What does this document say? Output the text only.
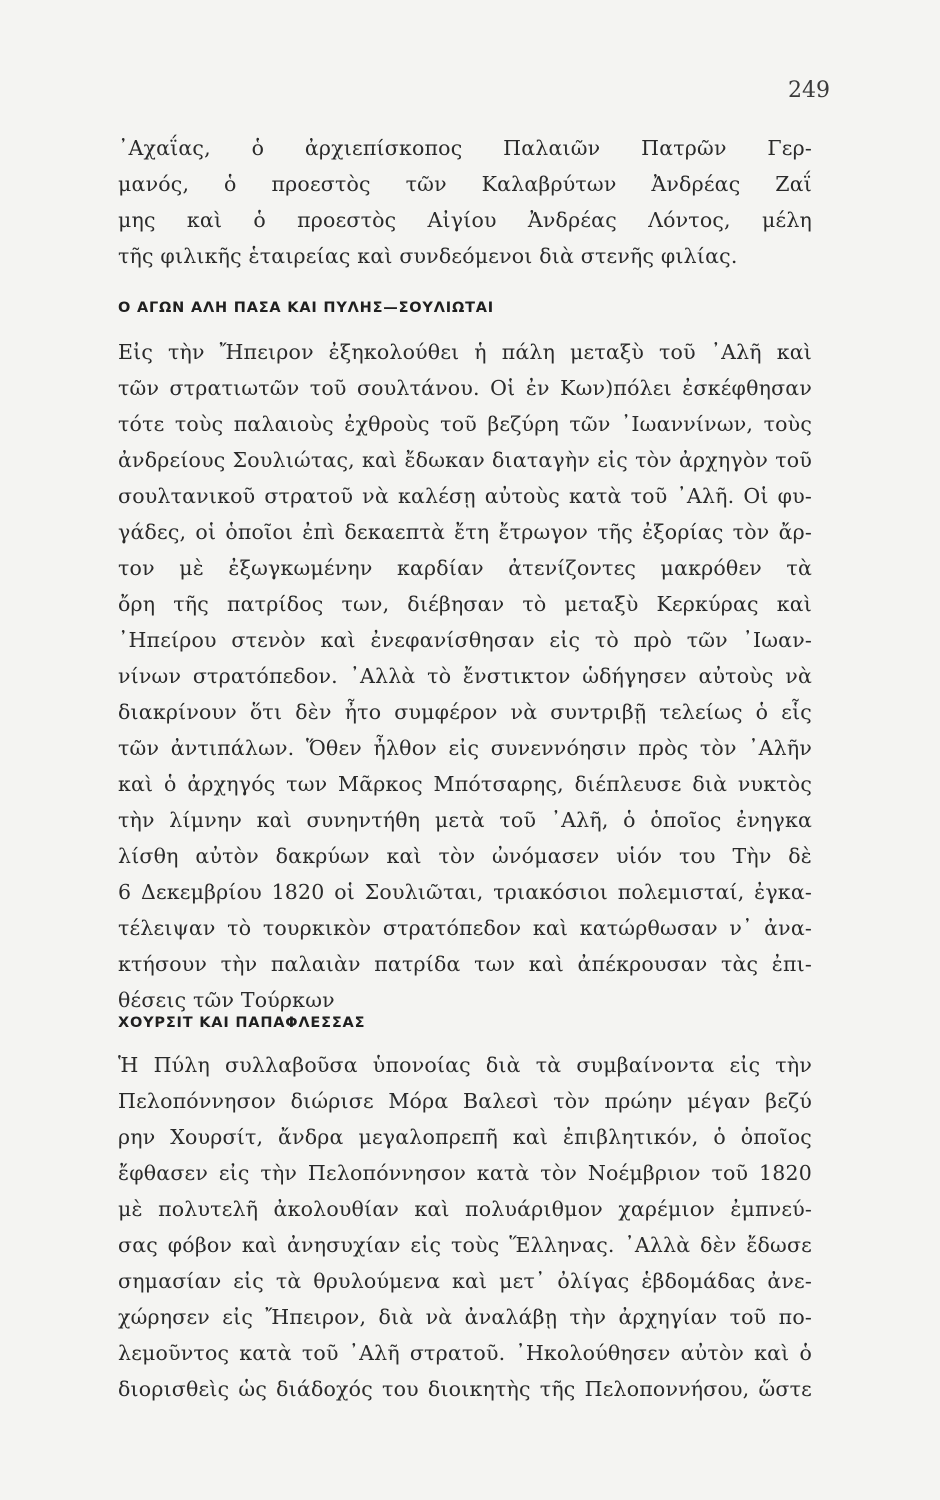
249
᾿Αχαΐας, ὁ ἀρχιεπίσκοπος Παλαιῶν Πατρῶν Γερ-
μανός, ὁ προεστὸς τῶν Καλαβρύτων Ἀνδρέας Ζαΐ
μης καὶ ὁ προεστὸς Αἰγίου Ἀνδρέας Λόντος, μέλη
τῆς φιλικῆς ἑταιρείας καὶ συνδεόμενοι διὰ στενῆς φιλίας.
Ο ΑΓΩΝ ΑΛΗ ΠΑΣΑ ΚΑΙ ΠΥΛΗΣ—ΣΟΥΛΙΩΤΑΙ
Εἰς τὴν Ἤπειρον ἐξηκολούθει ἡ πάλη μεταξὺ τοῦ ᾿Αλῆ καὶ
τῶν στρατιωτῶν τοῦ σουλτάνου. Οἱ ἐν Κων)πόλει ἐσκέφθησαν
τότε τοὺς παλαιοὺς ἐχθροὺς τοῦ βεζύρη τῶν ᾿Ιωαννίνων, τοὺς
ἀνδρείους Σουλιώτας, καὶ ἔδωκαν διαταγὴν εἰς τὸν ἀρχηγὸν τοῦ
σουλτανικοῦ στρατοῦ νὰ καλέσῃ αὐτοὺς κατὰ τοῦ ᾿Αλῆ. Οἱ φυ-
γάδες, οἱ ὁποῖοι ἐπὶ δεκαεπτὰ ἔτη ἔτρωγον τῆς ἐξορίας τὸν ἄρ-
τον μὲ ἐξωγκωμένην καρδίαν ἀτενίζοντες μακρόθεν τὰ
ὄρη τῆς πατρίδος των, διέβησαν τὸ μεταξὺ Κερκύρας καὶ
᾿Ηπείρου στενὸν καὶ ἐνεφανίσθησαν εἰς τὸ πρὸ τῶν ᾿Ιωαν-
νίνων στρατόπεδον. ᾿Αλλὰ τὸ ἔνστικτον ὡδήγησεν αὐτοὺς νὰ
διακρίνουν ὅτι δὲν ἦτο συμφέρον νὰ συντριβῇ τελείως ὁ εἷς
τῶν ἀντιπάλων. Ὅθεν ἦλθον εἰς συνεννόησιν πρὸς τὸν ᾿Αλῆν
καὶ ὁ ἀρχηγός των Μᾶρκος Μπότσαρης, διέπλευσε διὰ νυκτὸς
τὴν λίμνην καὶ συνηντήθη μετὰ τοῦ ᾿Αλῆ, ὁ ὁποῖος ἐνηγκα
λίσθη αὐτὸν δακρύων καὶ τὸν ὠνόμασεν υἱόν του Τὴν δὲ
6 Δεκεμβρίου 1820 οἱ Σουλιῶται, τριακόσιοι πολεμισταί, ἐγκα-
τέλειψαν τὸ τουρκικὸν στρατόπεδον καὶ κατώρθωσαν ν᾿ ἀνα-
κτήσουν τὴν παλαιὰν πατρίδα των καὶ ἀπέκρουσαν τὰς ἐπι-
θέσεις τῶν Τούρκων
ΧΟΥΡΣΙΤ ΚΑΙ ΠΑΠΑΦΛΕΣΣΑΣ
Ἡ Πύλη συλλαβοῦσα ὑπονοίας διὰ τὰ συμβαίνοντα εἰς τὴν
Πελοπόννησον διώρισε Μόρα Βαλεσὶ τὸν πρώην μέγαν βεζύ
ρην Χουρσίτ, ἄνδρα μεγαλοπρεπῆ καὶ ἐπιβλητικόν, ὁ ὁποῖος
ἔφθασεν εἰς τὴν Πελοπόννησον κατὰ τὸν Νοέμβριον τοῦ 1820
μὲ πολυτελῆ ἀκολουθίαν καὶ πολυάριθμον χαρέμιον ἐμπνεύ-
σας φόβον καὶ ἀνησυχίαν εἰς τοὺς Ἕλληνας. ᾿Αλλὰ δὲν ἔδωσε
σημασίαν εἰς τὰ θρυλούμενα καὶ μετ᾿ ὀλίγας ἑβδομάδας ἀνε-
χώρησεν εἰς Ἤπειρον, διὰ νὰ ἀναλάβῃ τὴν ἀρχηγίαν τοῦ πο-
λεμοῦντος κατὰ τοῦ ᾿Αλῆ στρατοῦ. ᾿Ηκολούθησεν αὐτὸν καὶ ὁ
διορισθεὶς ὡς διάδοχός του διοικητὴς τῆς Πελοποννήσου, ὥστε
